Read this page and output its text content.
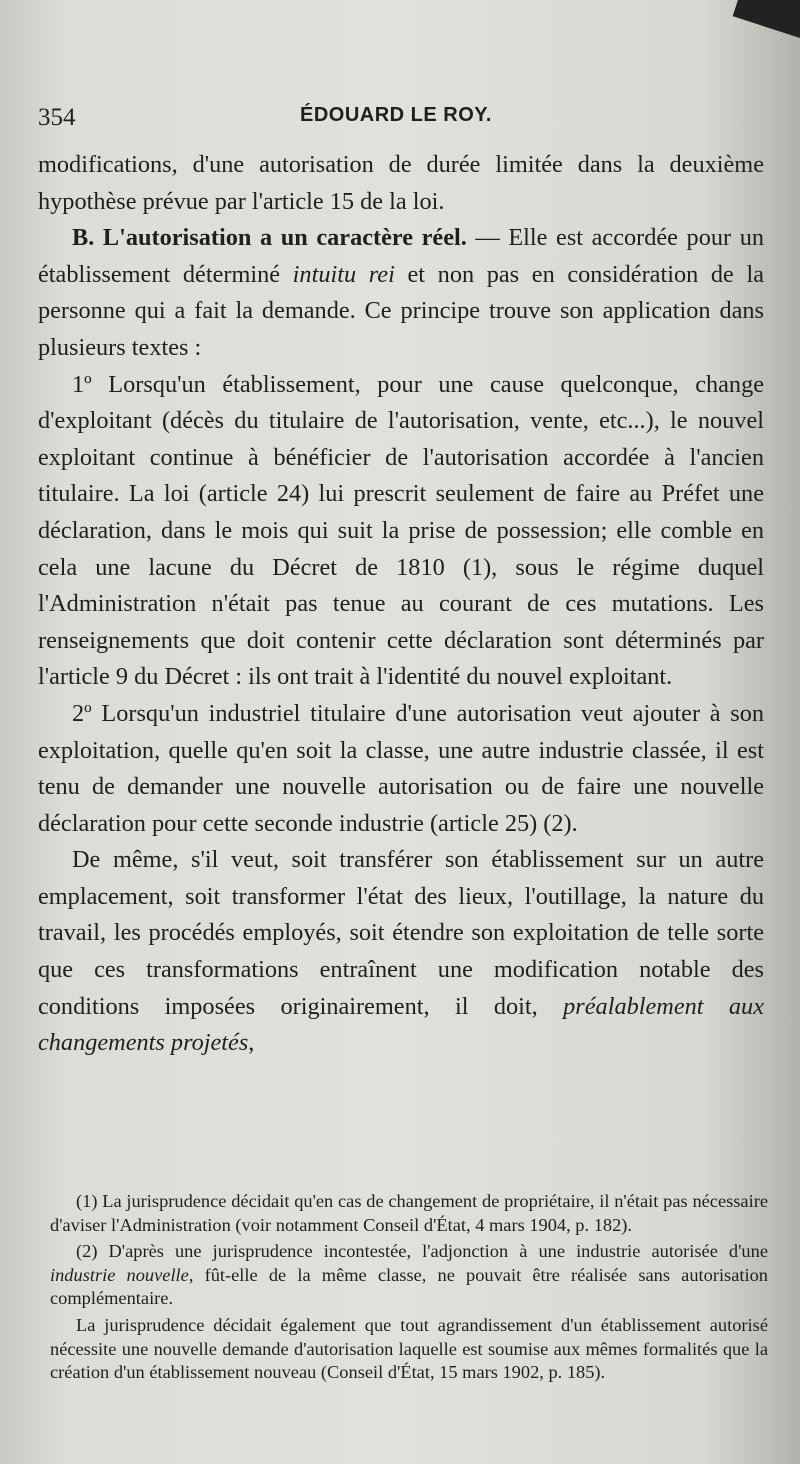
354	ÉDOUARD LE ROY.

modifications, d'une autorisation de durée limitée dans la deuxième hypothèse prévue par l'article 15 de la loi.

B. L'autorisation a un caractère réel. — Elle est accordée pour un établissement déterminé intuitu rei et non pas en considération de la personne qui a fait la demande. Ce principe trouve son application dans plusieurs textes :

1º Lorsqu'un établissement, pour une cause quelconque, change d'exploitant (décès du titulaire de l'autorisation, vente, etc...), le nouvel exploitant continue à bénéficier de l'autorisation accordée à l'ancien titulaire. La loi (article 24) lui prescrit seulement de faire au Préfet une déclaration, dans le mois qui suit la prise de possession; elle comble en cela une lacune du Décret de 1810 (1), sous le régime duquel l'Administration n'était pas tenue au courant de ces mutations. Les renseignements que doit contenir cette déclaration sont déterminés par l'article 9 du Décret : ils ont trait à l'identité du nouvel exploitant.

2º Lorsqu'un industriel titulaire d'une autorisation veut ajouter à son exploitation, quelle qu'en soit la classe, une autre industrie classée, il est tenu de demander une nouvelle autorisation ou de faire une nouvelle déclaration pour cette seconde industrie (article 25) (2).

De même, s'il veut, soit transférer son établissement sur un autre emplacement, soit transformer l'état des lieux, l'outillage, la nature du travail, les procédés employés, soit étendre son exploitation de telle sorte que ces transformations entraînent une modification notable des conditions imposées originairement, il doit, préalablement aux changements projetés,

(1) La jurisprudence décidait qu'en cas de changement de propriétaire, il n'était pas nécessaire d'aviser l'Administration (voir notamment Conseil d'État, 4 mars 1904, p. 182).

(2) D'après une jurisprudence incontestée, l'adjonction à une industrie autorisée d'une industrie nouvelle, fût-elle de la même classe, ne pouvait être réalisée sans autorisation complémentaire.

La jurisprudence décidait également que tout agrandissement d'un établissement autorisé nécessite une nouvelle demande d'autorisation laquelle est soumise aux mêmes formalités que la création d'un établissement nouveau (Conseil d'État, 15 mars 1902, p. 185).
